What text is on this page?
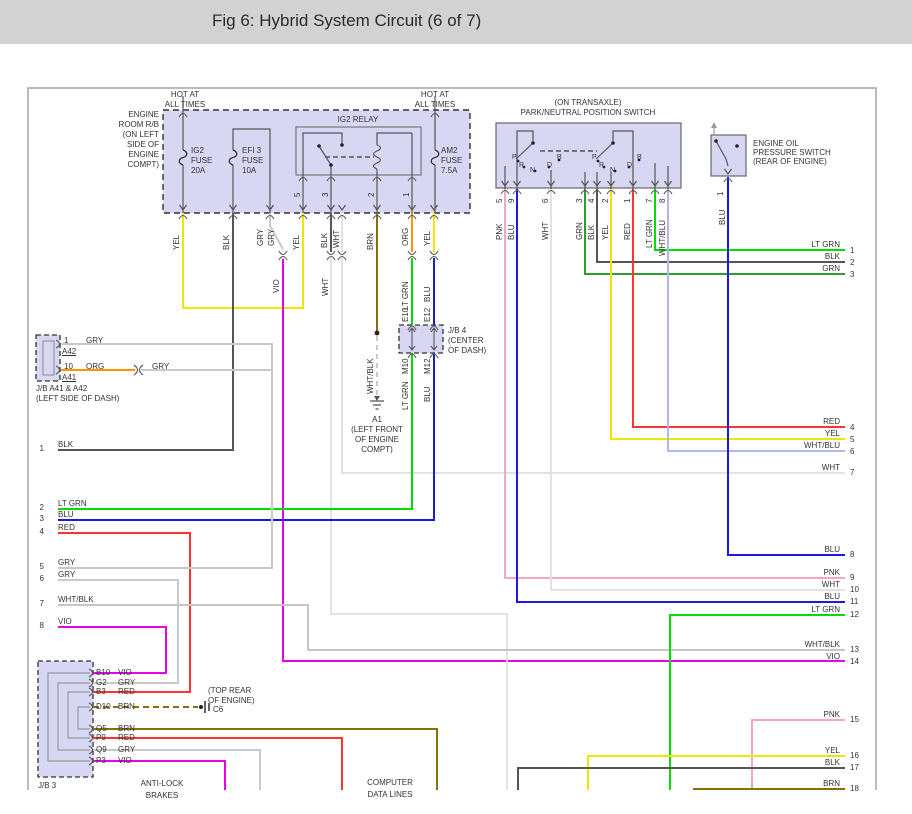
Fig 6: Hybrid System Circuit (6 of 7)
HOT AT
ALL TIMES
HOT AT
ALL TIMES
ENGINE
ROOM R/B
(ON LEFT
SIDE OF
ENGINE
COMPT)
IG2
FUSE
20A
EFI 3
FUSE
10A
AM2
FUSE
7.5A
IG2 RELAY
5 3	2	1
(ON TRANSAXLE)
PARK/NEUTRAL POSITION SWITCH
P
R
N
D
B	P
R
N
D
B
5 9	6	3 4 2 1 7 8
PNK BLU	WHT	GRN BLK YEL RED LT GRN WHT/BLU
ENGINE OIL
PRESSURE SWITCH
(REAR OF ENGINE)
1
BLU
YEL	BLK	GRY GRY YEL BLK WHT	BRN	ORG YEL
VIO	WHT	LT GRN BLU
E10 E12
M10 M12
LT GRN BLU
J/B 4
(CENTER
OF DASH)
WHT/BLK
A1
(LEFT FRONT
OF ENGINE
COMPT)
1 GRY
A42
10 ORG	GRY
A41
J/B A41 & A42
(LEFT SIDE OF DASH)
1 BLK
2 LT GRN
3 BLU
4 RED
5 GRY
6 GRY
7 WHT/BLK
8 VIO
B10 VIO
G2 GRY
B3 RED
D10 BRN
Q5 BRN
P9 RED
Q9 GRY
P3 VIO
J/B 3
(TOP REAR
OF ENGINE)
C6
ANTI-LOCK
BRAKES
COMPUTER
DATA LINES
LT GRN
1
BLK
2
GRN
3
RED
4
YEL
5
WHT/BLU
6
WHT
7
BLU
8
PNK
9
WHT
10
BLU
11
LT GRN
12
WHT/BLK
13
VIO
14
PNK
15
YEL
16
BLK
17
BRN
18
